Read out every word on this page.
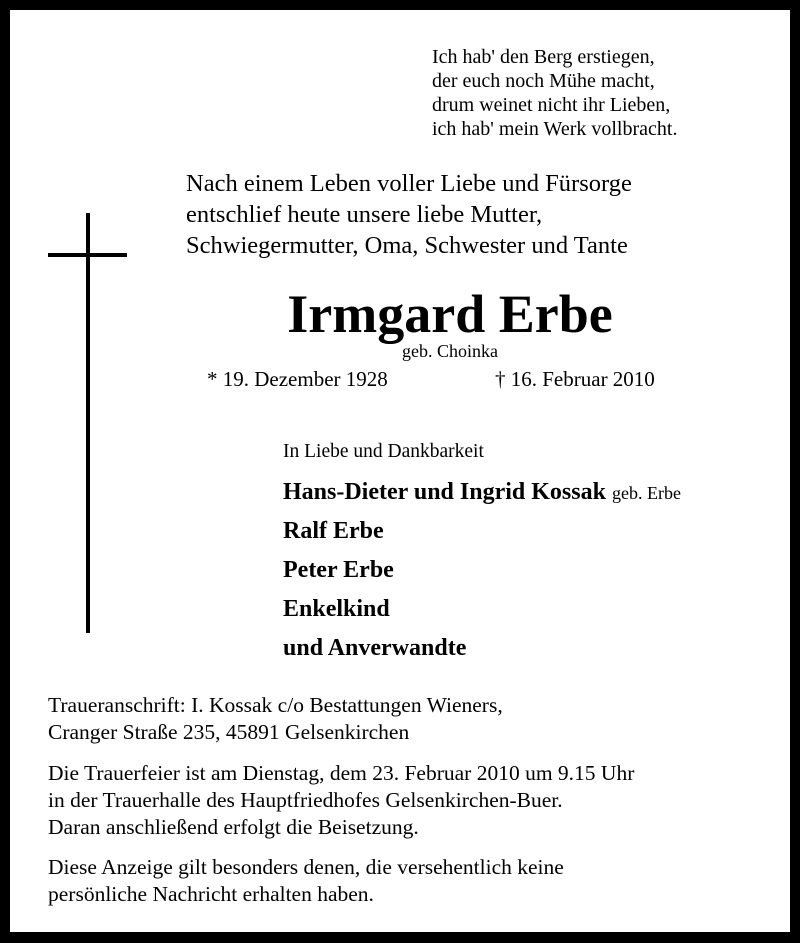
Ich hab' den Berg erstiegen,
der euch noch Mühe macht,
drum weinet nicht ihr Lieben,
ich hab' mein Werk vollbracht.
Nach einem Leben voller Liebe und Fürsorge
entschlief heute unsere liebe Mutter,
Schwiegermutter, Oma, Schwester und Tante
Irmgard Erbe
geb. Choinka
* 19. Dezember 1928	† 16. Februar 2010
In Liebe und Dankbarkeit
Hans-Dieter und Ingrid Kossak geb. Erbe
Ralf Erbe
Peter Erbe
Enkelkind
und Anverwandte
Traueranschrift: I. Kossak c/o Bestattungen Wieners,
Cranger Straße 235, 45891 Gelsenkirchen
Die Trauerfeier ist am Dienstag, dem 23. Februar 2010 um 9.15 Uhr
in der Trauerhalle des Hauptfriedhofes Gelsenkirchen-Buer.
Daran anschließend erfolgt die Beisetzung.
Diese Anzeige gilt besonders denen, die versehentlich keine
persönliche Nachricht erhalten haben.
